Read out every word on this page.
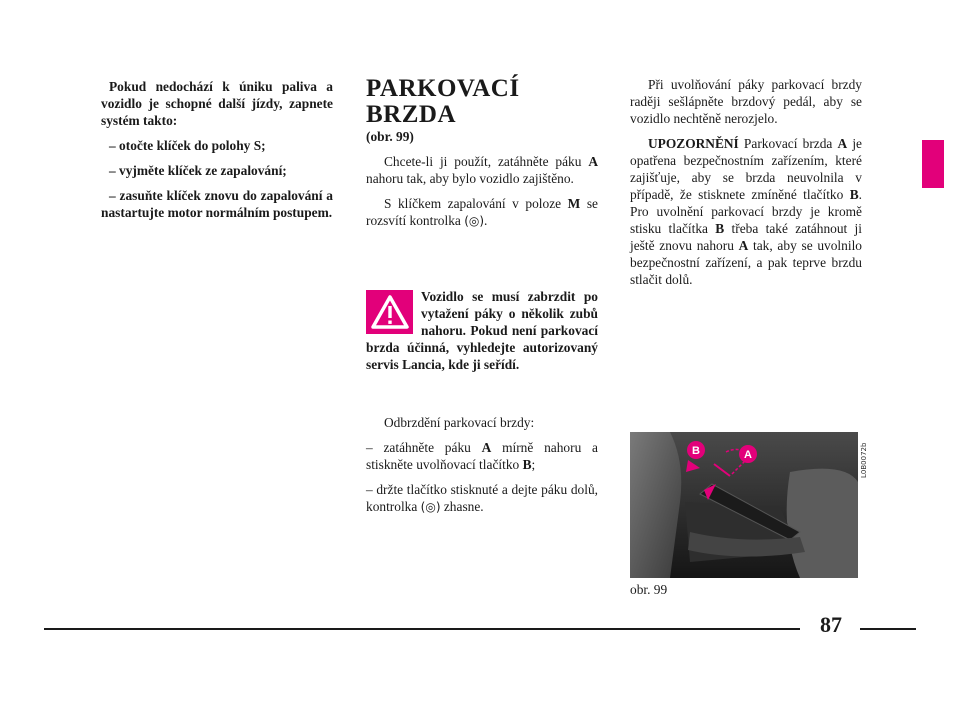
Pokud nedochází k úniku paliva a vozidlo je schopné další jízdy, zapnete systém takto:

– otočte klíček do polohy S;

– vyjměte klíček ze zapalování;

– zasuňte klíček znovu do zapalování a nastartujte motor normálním postupem.

PARKOVACÍ
BRZDA

(obr. 99)

Chcete-li ji použít, zatáhněte páku A nahoru tak, aby bylo vozidlo zajištěno.

S klíčkem zapalování v poloze M se rozsvítí kontrolka (◎).

Vozidlo se musí zabrzdit po vytažení páky o několik zubů nahoru. Pokud není parkovací brzda účinná, vyhledejte autorizovaný servis Lancia, kde ji seřídí.

Odbrzdění parkovací brzdy:

– zatáhněte páku A mírně nahoru a stiskněte uvolňovací tlačítko B;

– držte tlačítko stisknuté a dejte páku dolů, kontrolka (◎) zhasne.

Při uvolňování páky parkovací brzdy raději sešlápněte brzdový pedál, aby se vozidlo nechtěně nerozjelo.

UPOZORNĚNÍ Parkovací brzda A je opatřena bezpečnostním zařízením, které zajišťuje, aby se brzda neuvolnila v případě, že stisknete zmíněné tlačítko B. Pro uvolnění parkovací brzdy je kromě stisku tlačítka B třeba také zatáhnout ji ještě znovu nahoru A tak, aby se uvolnilo bezpečnostní zařízení, a pak teprve brzdu stlačit dolů.

B	A	L0B0072b
obr. 99
87
